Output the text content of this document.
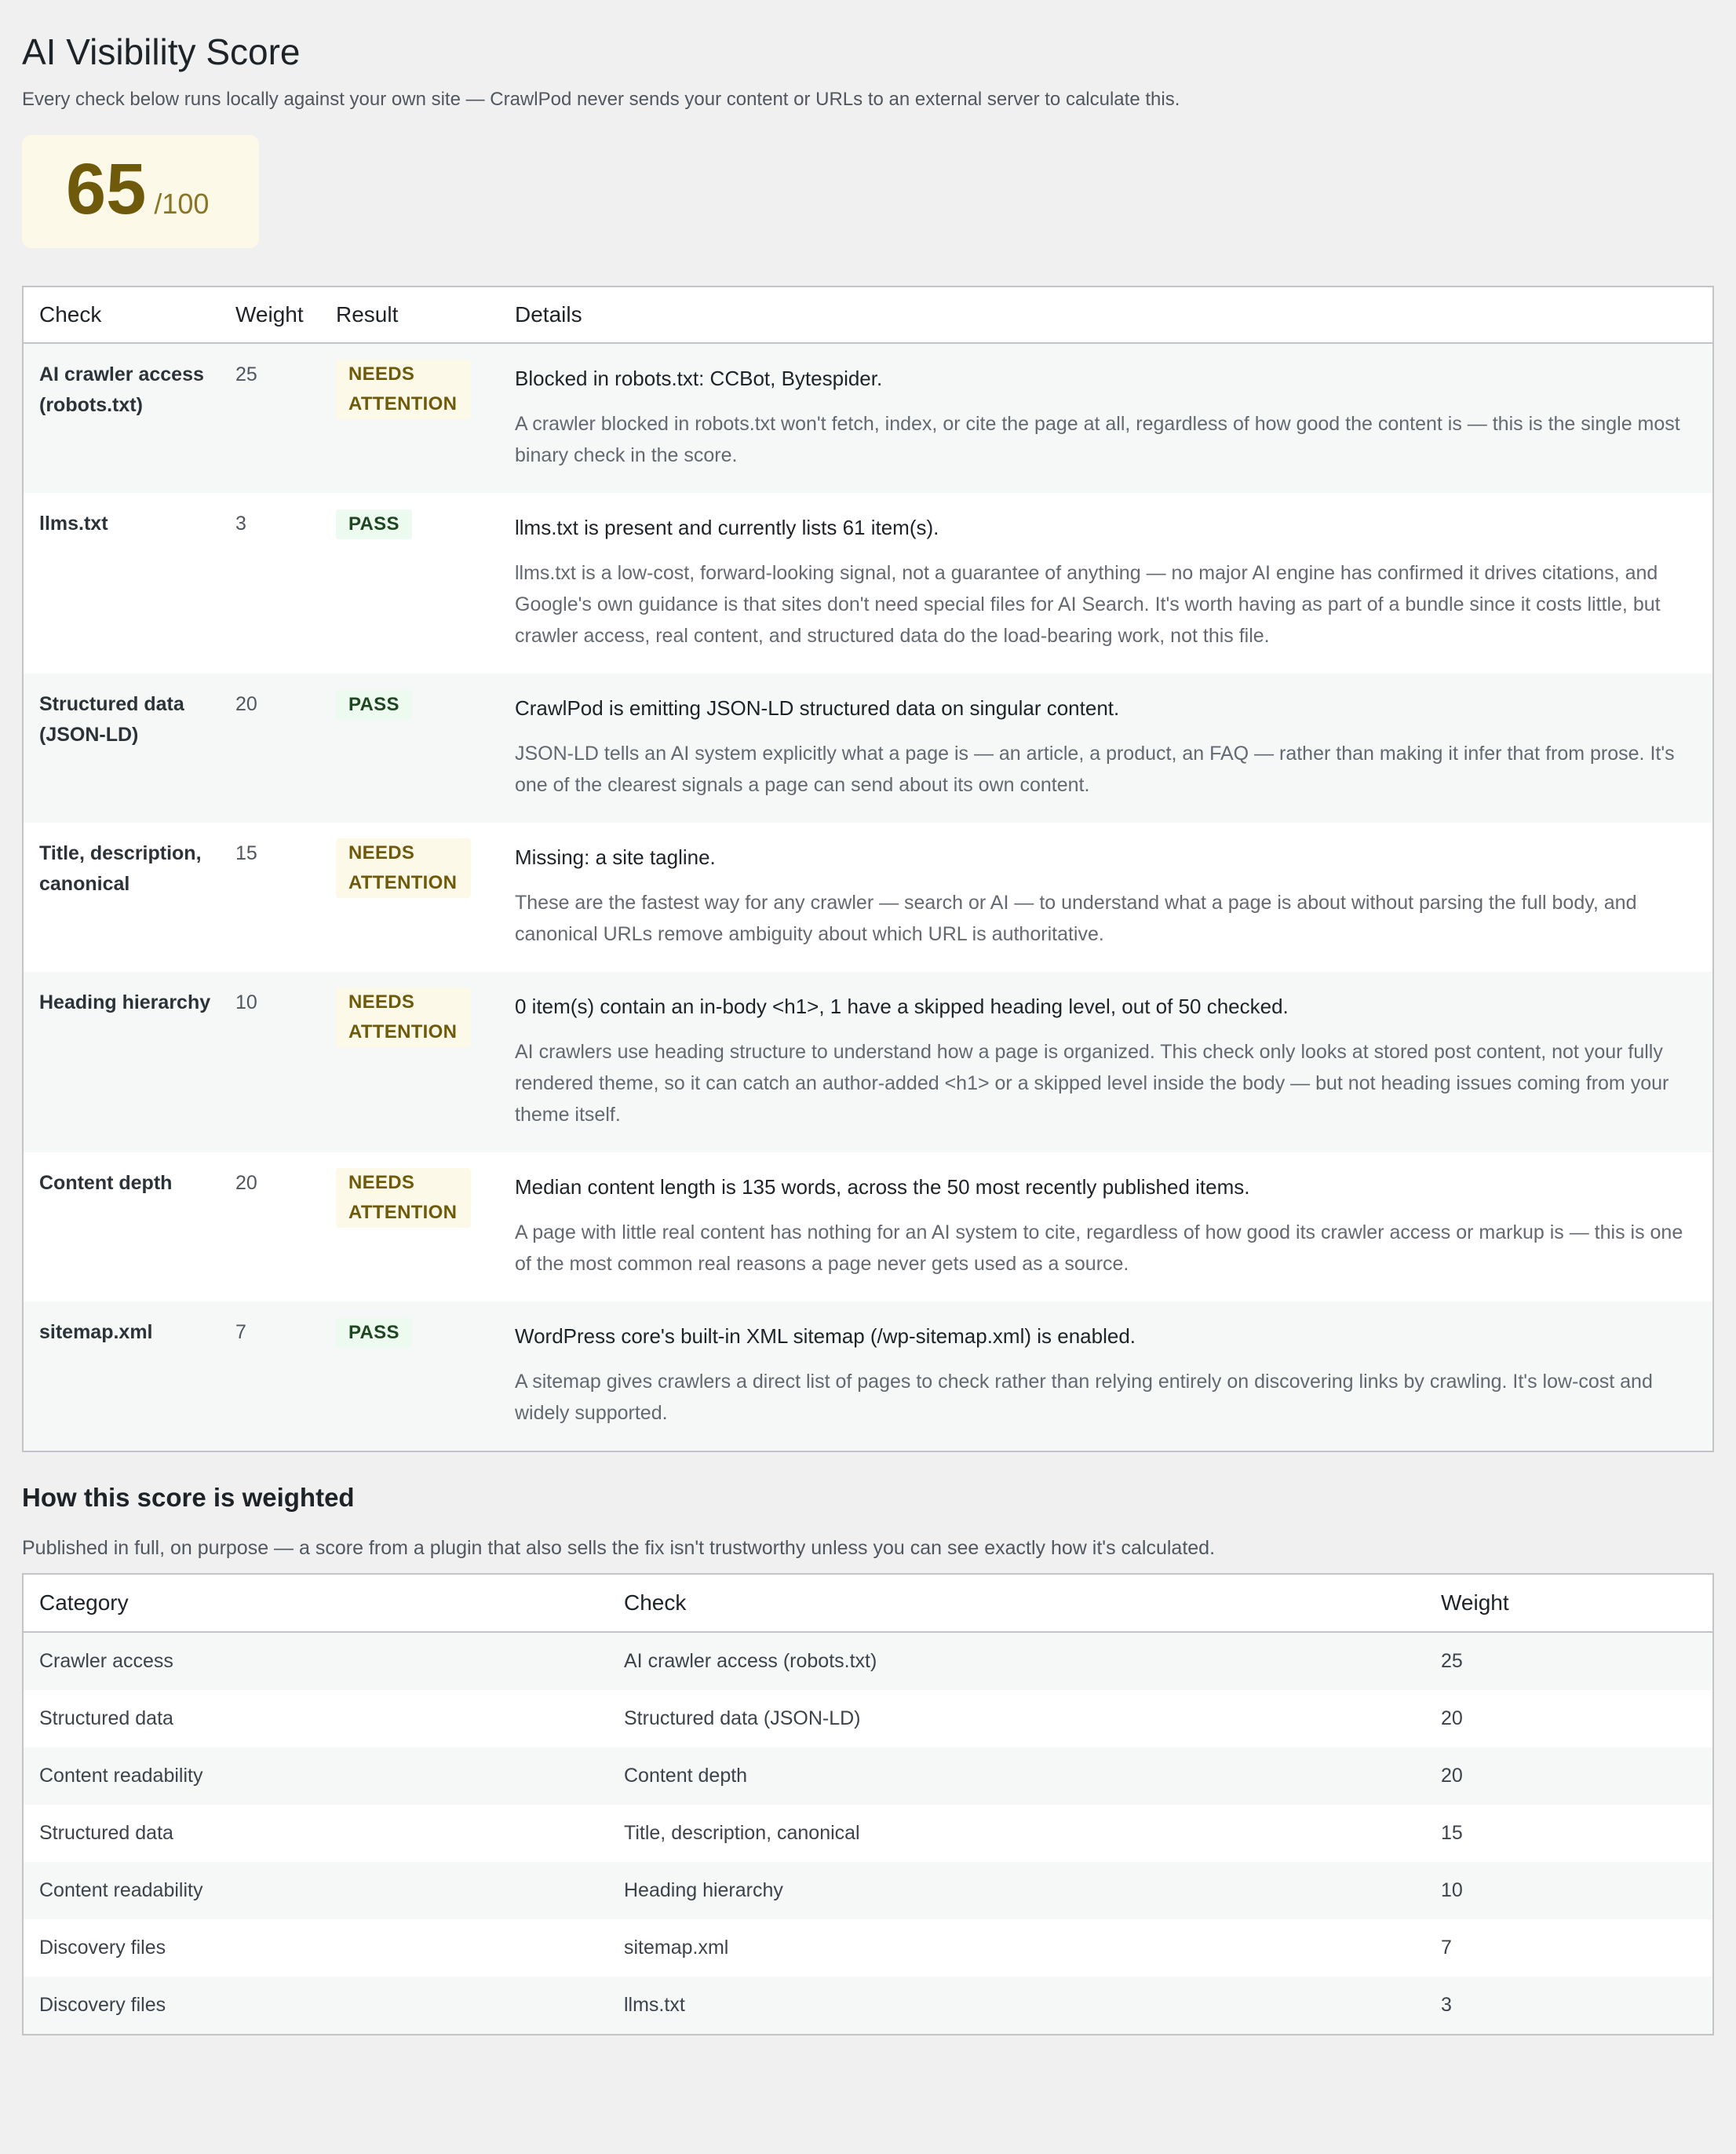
AI Visibility Score
Every check below runs locally against your own site — CrawlPod never sends your content or URLs to an external server to calculate this.
65 /100
Check	Weight	Result	Details
AI crawler access (robots.txt)	25	NEEDS ATTENTION	Blocked in robots.txt: CCBot, Bytespider.
A crawler blocked in robots.txt won't fetch, index, or cite the page at all, regardless of how good the content is — this is the single most binary check in the score.

llms.txt	3	PASS	llms.txt is present and currently lists 61 item(s).
llms.txt is a low-cost, forward-looking signal, not a guarantee of anything — no major AI engine has confirmed it drives citations, and Google's own guidance is that sites don't need special files for AI Search. It's worth having as part of a bundle since it costs little, but crawler access, real content, and structured data do the load-bearing work, not this file.

Structured data (JSON-LD)	20	PASS	CrawlPod is emitting JSON-LD structured data on singular content.
JSON-LD tells an AI system explicitly what a page is — an article, a product, an FAQ — rather than making it infer that from prose. It's one of the clearest signals a page can send about its own content.

Title, description, canonical	15	NEEDS ATTENTION	Missing: a site tagline.
These are the fastest way for any crawler — search or AI — to understand what a page is about without parsing the full body, and canonical URLs remove ambiguity about which URL is authoritative.

Heading hierarchy	10	NEEDS ATTENTION	0 item(s) contain an in-body <h1>, 1 have a skipped heading level, out of 50 checked.
AI crawlers use heading structure to understand how a page is organized. This check only looks at stored post content, not your fully rendered theme, so it can catch an author-added <h1> or a skipped level inside the body — but not heading issues coming from your theme itself.

Content depth	20	NEEDS ATTENTION	Median content length is 135 words, across the 50 most recently published items.
A page with little real content has nothing for an AI system to cite, regardless of how good its crawler access or markup is — this is one of the most common real reasons a page never gets used as a source.

sitemap.xml	7	PASS	WordPress core's built-in XML sitemap (/wp-sitemap.xml) is enabled.
A sitemap gives crawlers a direct list of pages to check rather than relying entirely on discovering links by crawling. It's low-cost and widely supported.
How this score is weighted
Published in full, on purpose — a score from a plugin that also sells the fix isn't trustworthy unless you can see exactly how it's calculated.
Category	Check	Weight
Crawler access	AI crawler access (robots.txt)	25
Structured data	Structured data (JSON-LD)	20
Content readability	Content depth	20
Structured data	Title, description, canonical	15
Content readability	Heading hierarchy	10
Discovery files	sitemap.xml	7
Discovery files	llms.txt	3
